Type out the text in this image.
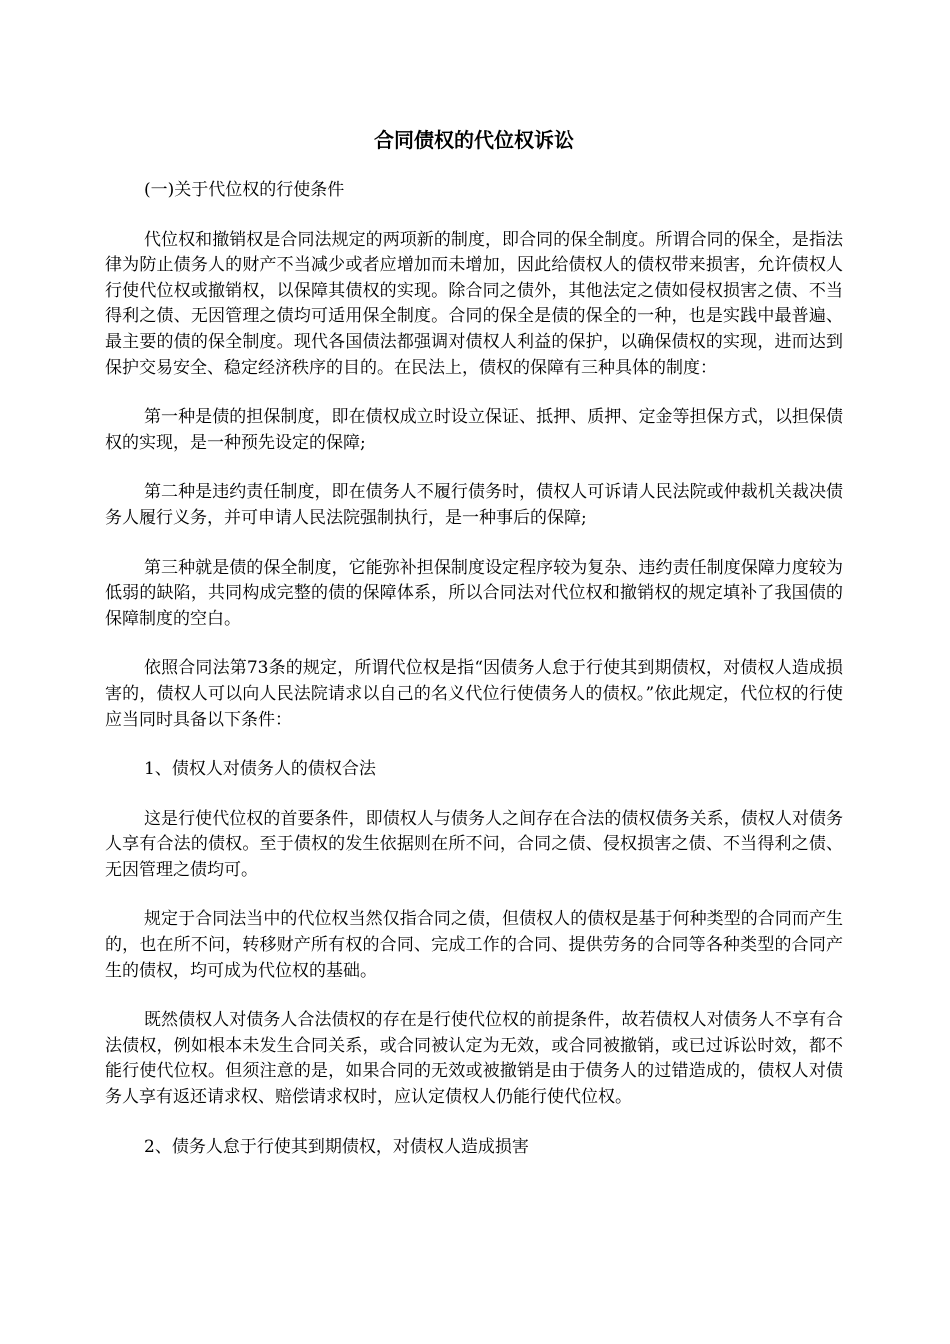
合同债权的代位权诉讼

(一)关于代位权的行使条件

代位权和撤销权是合同法规定的两项新的制度，即合同的保全制度。所谓合同的保全，是指法律为防止债务人的财产不当减少或者应增加而未增加，因此给债权人的债权带来损害，允许债权人行使代位权或撤销权，以保障其债权的实现。除合同之债外，其他法定之债如侵权损害之债、不当得利之债、无因管理之债均可适用保全制度。合同的保全是债的保全的一种，也是实践中最普遍、最主要的债的保全制度。现代各国债法都强调对债权人利益的保护，以确保债权的实现，进而达到保护交易安全、稳定经济秩序的目的。在民法上，债权的保障有三种具体的制度：

第一种是债的担保制度，即在债权成立时设立保证、抵押、质押、定金等担保方式，以担保债权的实现，是一种预先设定的保障;

第二种是违约责任制度，即在债务人不履行债务时，债权人可诉请人民法院或仲裁机关裁决债务人履行义务，并可申请人民法院强制执行，是一种事后的保障;

第三种就是债的保全制度，它能弥补担保制度设定程序较为复杂、违约责任制度保障力度较为低弱的缺陷，共同构成完整的债的保障体系，所以合同法对代位权和撤销权的规定填补了我国债的保障制度的空白。

依照合同法第73条的规定，所谓代位权是指“因债务人怠于行使其到期债权，对债权人造成损害的，债权人可以向人民法院请求以自己的名义代位行使债务人的债权。”依此规定，代位权的行使应当同时具备以下条件：

1、债权人对债务人的债权合法

这是行使代位权的首要条件，即债权人与债务人之间存在合法的债权债务关系，债权人对债务人享有合法的债权。至于债权的发生依据则在所不问，合同之债、侵权损害之债、不当得利之债、无因管理之债均可。

规定于合同法当中的代位权当然仅指合同之债，但债权人的债权是基于何种类型的合同而产生的，也在所不问，转移财产所有权的合同、完成工作的合同、提供劳务的合同等各种类型的合同产生的债权，均可成为代位权的基础。

既然债权人对债务人合法债权的存在是行使代位权的前提条件，故若债权人对债务人不享有合法债权，例如根本未发生合同关系，或合同被认定为无效，或合同被撤销，或已过诉讼时效，都不能行使代位权。但须注意的是，如果合同的无效或被撤销是由于债务人的过错造成的，债权人对债务人享有返还请求权、赔偿请求权时，应认定债权人仍能行使代位权。

2、债务人怠于行使其到期债权，对债权人造成损害
